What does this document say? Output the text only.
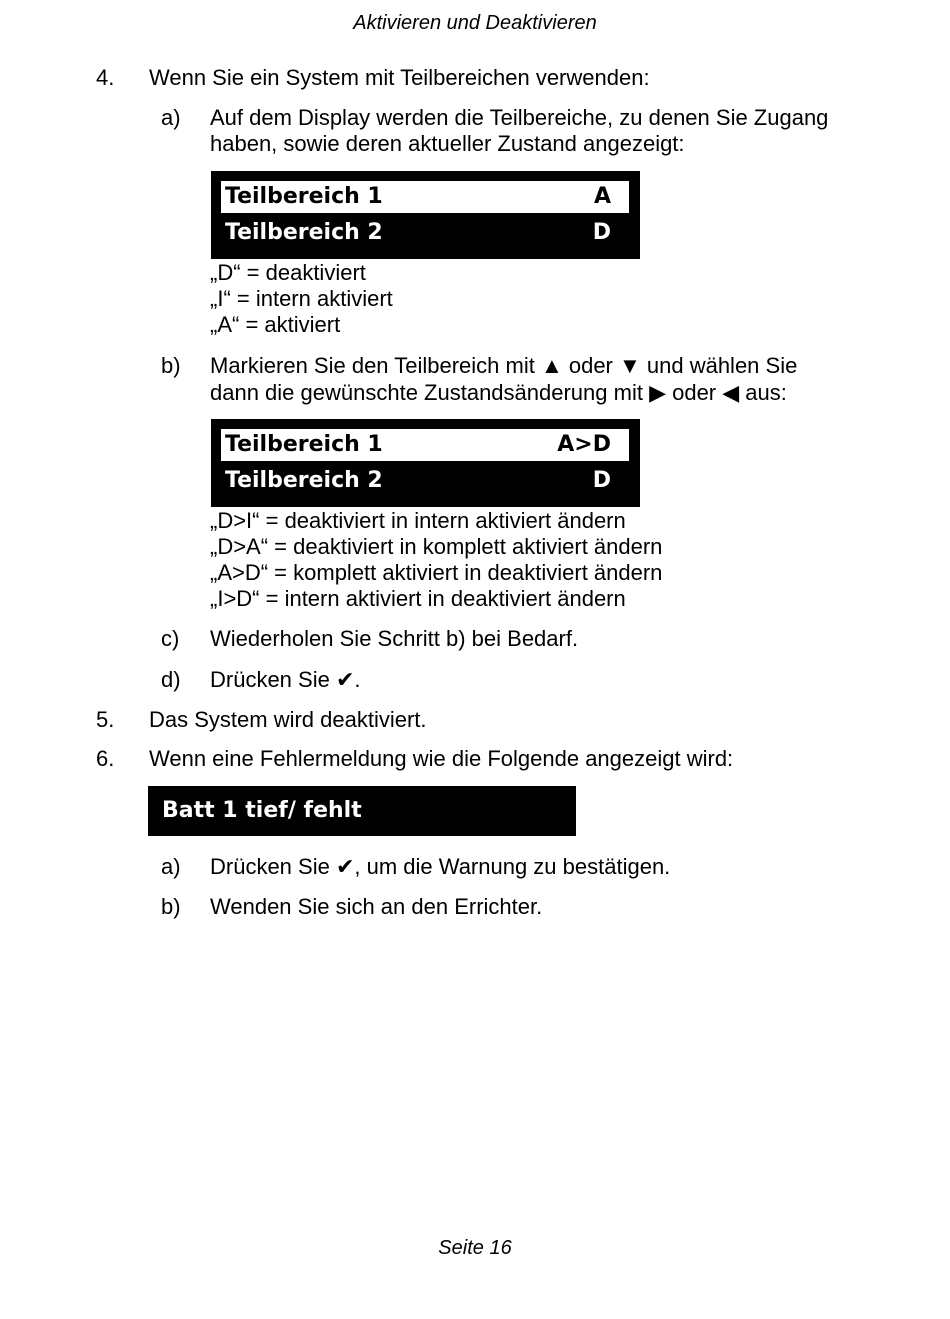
Aktivieren und Deaktivieren
4. Wenn Sie ein System mit Teilbereichen verwenden:
a) Auf dem Display werden die Teilbereiche, zu denen Sie Zugang
haben, sowie deren aktueller Zustand angezeigt:
Teilbereich 1	A
Teilbereich 2	D
„D“ = deaktiviert
„I“ = intern aktiviert
„A“ = aktiviert
b) Markieren Sie den Teilbereich mit ▲ oder ▼ und wählen Sie
dann die gewünschte Zustandsänderung mit ▶ oder ◀ aus:
Teilbereich 1	A>D
Teilbereich 2	D
„D>I“ = deaktiviert in intern aktiviert ändern
„D>A“ = deaktiviert in komplett aktiviert ändern
„A>D“ = komplett aktiviert in deaktiviert ändern
„I>D“ = intern aktiviert in deaktiviert ändern
c) Wiederholen Sie Schritt b) bei Bedarf.
d) Drücken Sie ✔.
5. Das System wird deaktiviert.
6. Wenn eine Fehlermeldung wie die Folgende angezeigt wird:
Batt 1 tief/ fehlt
a) Drücken Sie ✔, um die Warnung zu bestätigen.
b) Wenden Sie sich an den Errichter.
Seite 16
